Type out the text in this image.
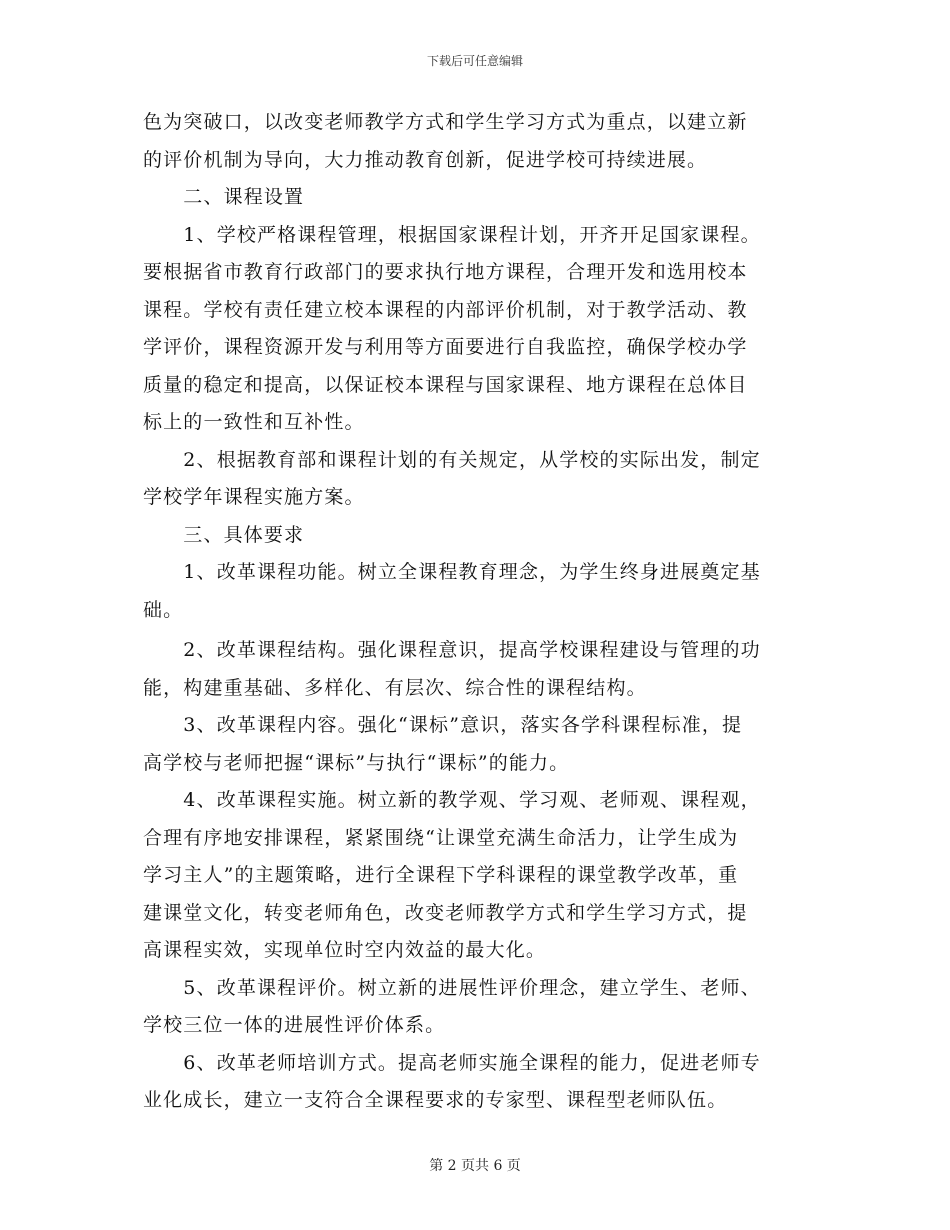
下载后可任意编辑
色为突破口，以改变老师教学方式和学生学习方式为重点，以建立新
的评价机制为导向，大力推动教育创新，促进学校可持续进展。
　　二、课程设置
　　1、学校严格课程管理，根据国家课程计划，开齐开足国家课程。
要根据省市教育行政部门的要求执行地方课程，合理开发和选用校本
课程。学校有责任建立校本课程的内部评价机制，对于教学活动、教
学评价，课程资源开发与利用等方面要进行自我监控，确保学校办学
质量的稳定和提高，以保证校本课程与国家课程、地方课程在总体目
标上的一致性和互补性。
　　2、根据教育部和课程计划的有关规定，从学校的实际出发，制定
学校学年课程实施方案。
　　三、具体要求
　　1、改革课程功能。树立全课程教育理念，为学生终身进展奠定基
础。
　　2、改革课程结构。强化课程意识，提高学校课程建设与管理的功
能，构建重基础、多样化、有层次、综合性的课程结构。
　　3、改革课程内容。强化“课标”意识，落实各学科课程标准，提
高学校与老师把握“课标”与执行“课标”的能力。
　　4、改革课程实施。树立新的教学观、学习观、老师观、课程观，
合理有序地安排课程，紧紧围绕“让课堂充满生命活力，让学生成为
学习主人”的主题策略，进行全课程下学科课程的课堂教学改革，重
建课堂文化，转变老师角色，改变老师教学方式和学生学习方式，提
高课程实效，实现单位时空内效益的最大化。
　　5、改革课程评价。树立新的进展性评价理念，建立学生、老师、
学校三位一体的进展性评价体系。
　　6、改革老师培训方式。提高老师实施全课程的能力，促进老师专
业化成长，建立一支符合全课程要求的专家型、课程型老师队伍。
第 2 页共 6 页
